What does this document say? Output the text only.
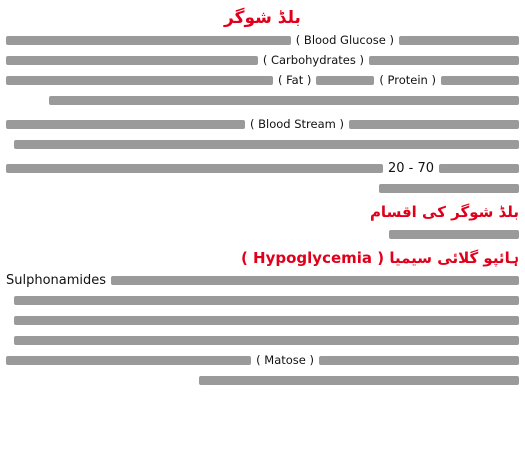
بلڈ شوگر
( Blood Glucose )
( Carbohydrates )
( Protein )
( Fat )
( Blood Stream )
20 - 70
بلڈ شوگر کی اقسام
ہائپو گلائی سیمیا ( Hypoglycemia )
Sulphonamides
( Matose )
